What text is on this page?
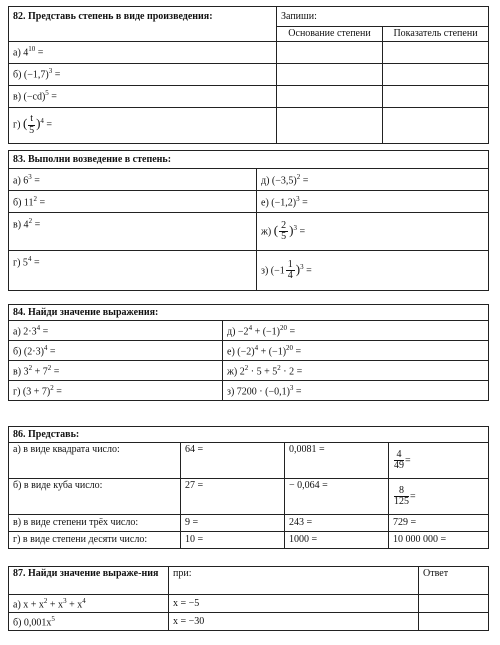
82. Представь степень в виде произведения:	Запиши:	
	Основание степени	Показатель степени
а) $4^{10}$ =		
б) $(-1,7)^3$ =		
в) $(-cd)^5$ =		
г) ( $\frac{t}{5} )^4$ =		
83. Выполни возведение в степень:	
а) $6^3$ =	д) $(-3,5)^2$ =
б) $11^2$ =	е) $(-1,2)^3$ =
в) $4^2$ =	ж) ( $\frac{2}{5} )^3$ =
г) $5^4$ =	з) $(-1 \frac{1}{4} )^3$ =
84. Найди значение выражения:	
а) $2\cdot 3^4$ =	$д) -2^4 + (-1)^{20}$ =
б) $(2\cdot 3)^4$ =	е) $(-2)^4 + (-1)^{20}$ =
в) $3^2 + 7^2$ =	ж) $2^2 \cdot 5 + 5^2 \cdot 2$ =
г) $(3 + 7)^2$ =	з) $7200 \cdot (-0,1)^3$ =
86. Представь:			
а) в виде квадрата число:	64 =	0,0081 =	$\frac{4}{49}$ =
б) в виде куба число:	27 =	− 0,064 =	$\frac{8}{125}$ =
в) в виде степени трёх число:	9 =	243 =	729 =
г) в виде степени десяти число:	10 =	1000 =	10 000 000 =
87. Найди значение выраже-ния	при:	Ответ
а) $x + x^2 + x^3 + x^4$	x = −5	
б) $0,001x^5$	x = −30	
